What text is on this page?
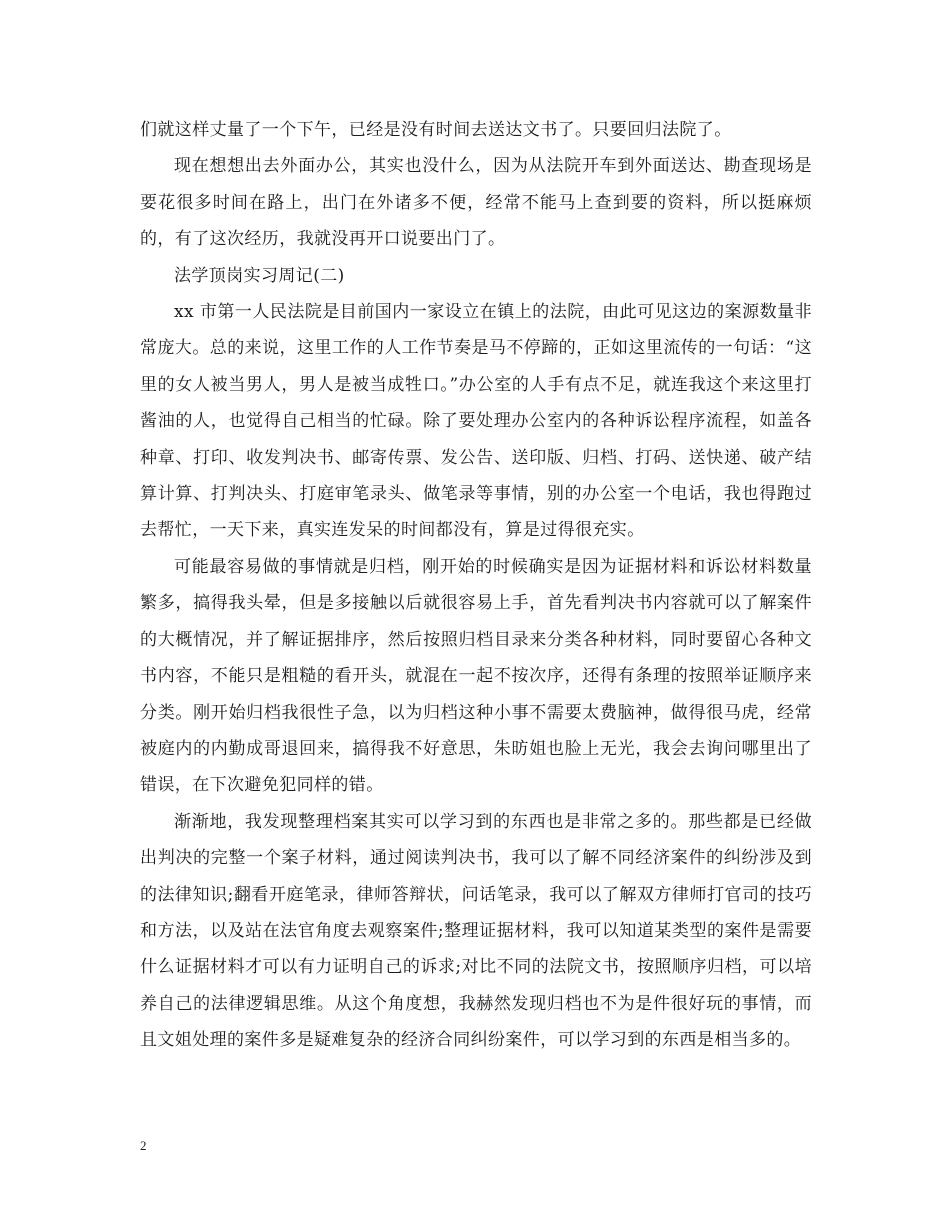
们就这样丈量了一个下午，已经是没有时间去送达文书了。只要回归法院了。

现在想想出去外面办公，其实也没什么，因为从法院开车到外面送达、勘查现场是要花很多时间在路上，出门在外诸多不便，经常不能马上查到要的资料，所以挺麻烦的，有了这次经历，我就没再开口说要出门了。

法学顶岗实习周记(二)

xx 市第一人民法院是目前国内一家设立在镇上的法院，由此可见这边的案源数量非常庞大。总的来说，这里工作的人工作节奏是马不停蹄的，正如这里流传的一句话：“这里的女人被当男人，男人是被当成牲口。”办公室的人手有点不足，就连我这个来这里打酱油的人，也觉得自己相当的忙碌。除了要处理办公室内的各种诉讼程序流程，如盖各种章、打印、收发判决书、邮寄传票、发公告、送印版、归档、打码、送快递、破产结算计算、打判决头、打庭审笔录头、做笔录等事情，别的办公室一个电话，我也得跑过去帮忙，一天下来，真实连发呆的时间都没有，算是过得很充实。

可能最容易做的事情就是归档，刚开始的时候确实是因为证据材料和诉讼材料数量繁多，搞得我头晕，但是多接触以后就很容易上手，首先看判决书内容就可以了解案件的大概情况，并了解证据排序，然后按照归档目录来分类各种材料，同时要留心各种文书内容，不能只是粗糙的看开头，就混在一起不按次序，还得有条理的按照举证顺序来分类。刚开始归档我很性子急，以为归档这种小事不需要太费脑神，做得很马虎，经常被庭内的内勤成哥退回来，搞得我不好意思，朱昉姐也脸上无光，我会去询问哪里出了错误，在下次避免犯同样的错。

渐渐地，我发现整理档案其实可以学习到的东西也是非常之多的。那些都是已经做出判决的完整一个案子材料，通过阅读判决书，我可以了解不同经济案件的纠纷涉及到的法律知识;翻看开庭笔录，律师答辩状，问话笔录，我可以了解双方律师打官司的技巧和方法，以及站在法官角度去观察案件;整理证据材料，我可以知道某类型的案件是需要什么证据材料才可以有力证明自己的诉求;对比不同的法院文书，按照顺序归档，可以培养自己的法律逻辑思维。从这个角度想，我赫然发现归档也不为是件很好玩的事情，而且文姐处理的案件多是疑难复杂的经济合同纠纷案件，可以学习到的东西是相当多的。

2
